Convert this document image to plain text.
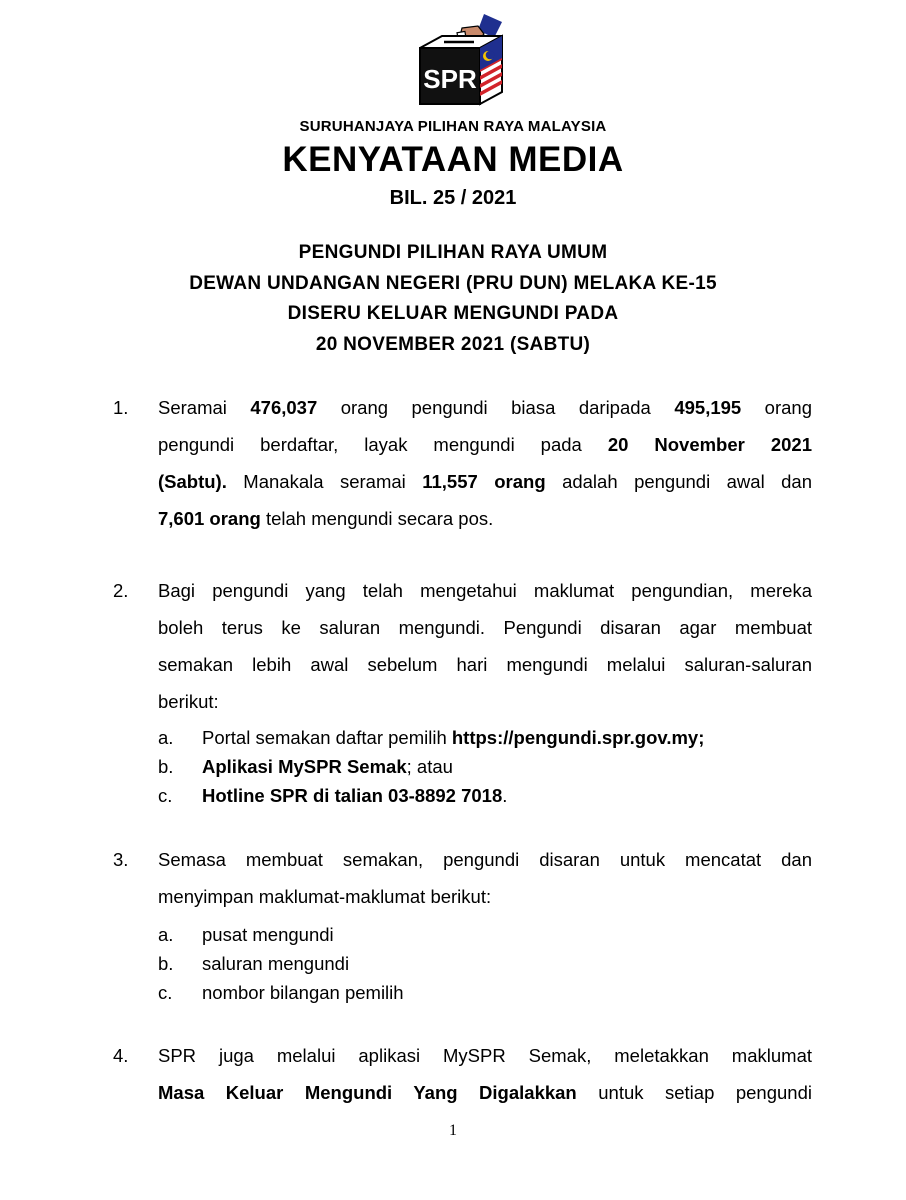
SPR
SURUHANJAYA PILIHAN RAYA MALAYSIA
KENYATAAN MEDIA
BIL. 25 / 2021
PENGUNDI PILIHAN RAYA UMUM
DEWAN UNDANGAN NEGERI (PRU DUN) MELAKA KE-15
DISERU KELUAR MENGUNDI PADA
20 NOVEMBER 2021 (SABTU)
1. Seramai 476,037 orang pengundi biasa daripada 495,195 orang
pengundi berdaftar, layak mengundi pada 20 November 2021
(Sabtu). Manakala seramai 11,557 orang adalah pengundi awal dan
7,601 orang telah mengundi secara pos.
2. Bagi pengundi yang telah mengetahui maklumat pengundian, mereka
boleh terus ke saluran mengundi. Pengundi disaran agar membuat
semakan lebih awal sebelum hari mengundi melalui saluran-saluran
berikut:
a. Portal semakan daftar pemilih https://pengundi.spr.gov.my;
b. Aplikasi MySPR Semak; atau
c. Hotline SPR di talian 03-8892 7018.
3. Semasa membuat semakan, pengundi disaran untuk mencatat dan
menyimpan maklumat-maklumat berikut:
a. pusat mengundi
b. saluran mengundi
c. nombor bilangan pemilih
4. SPR juga melalui aplikasi MySPR Semak, meletakkan maklumat
Masa Keluar Mengundi Yang Digalakkan untuk setiap pengundi
1
